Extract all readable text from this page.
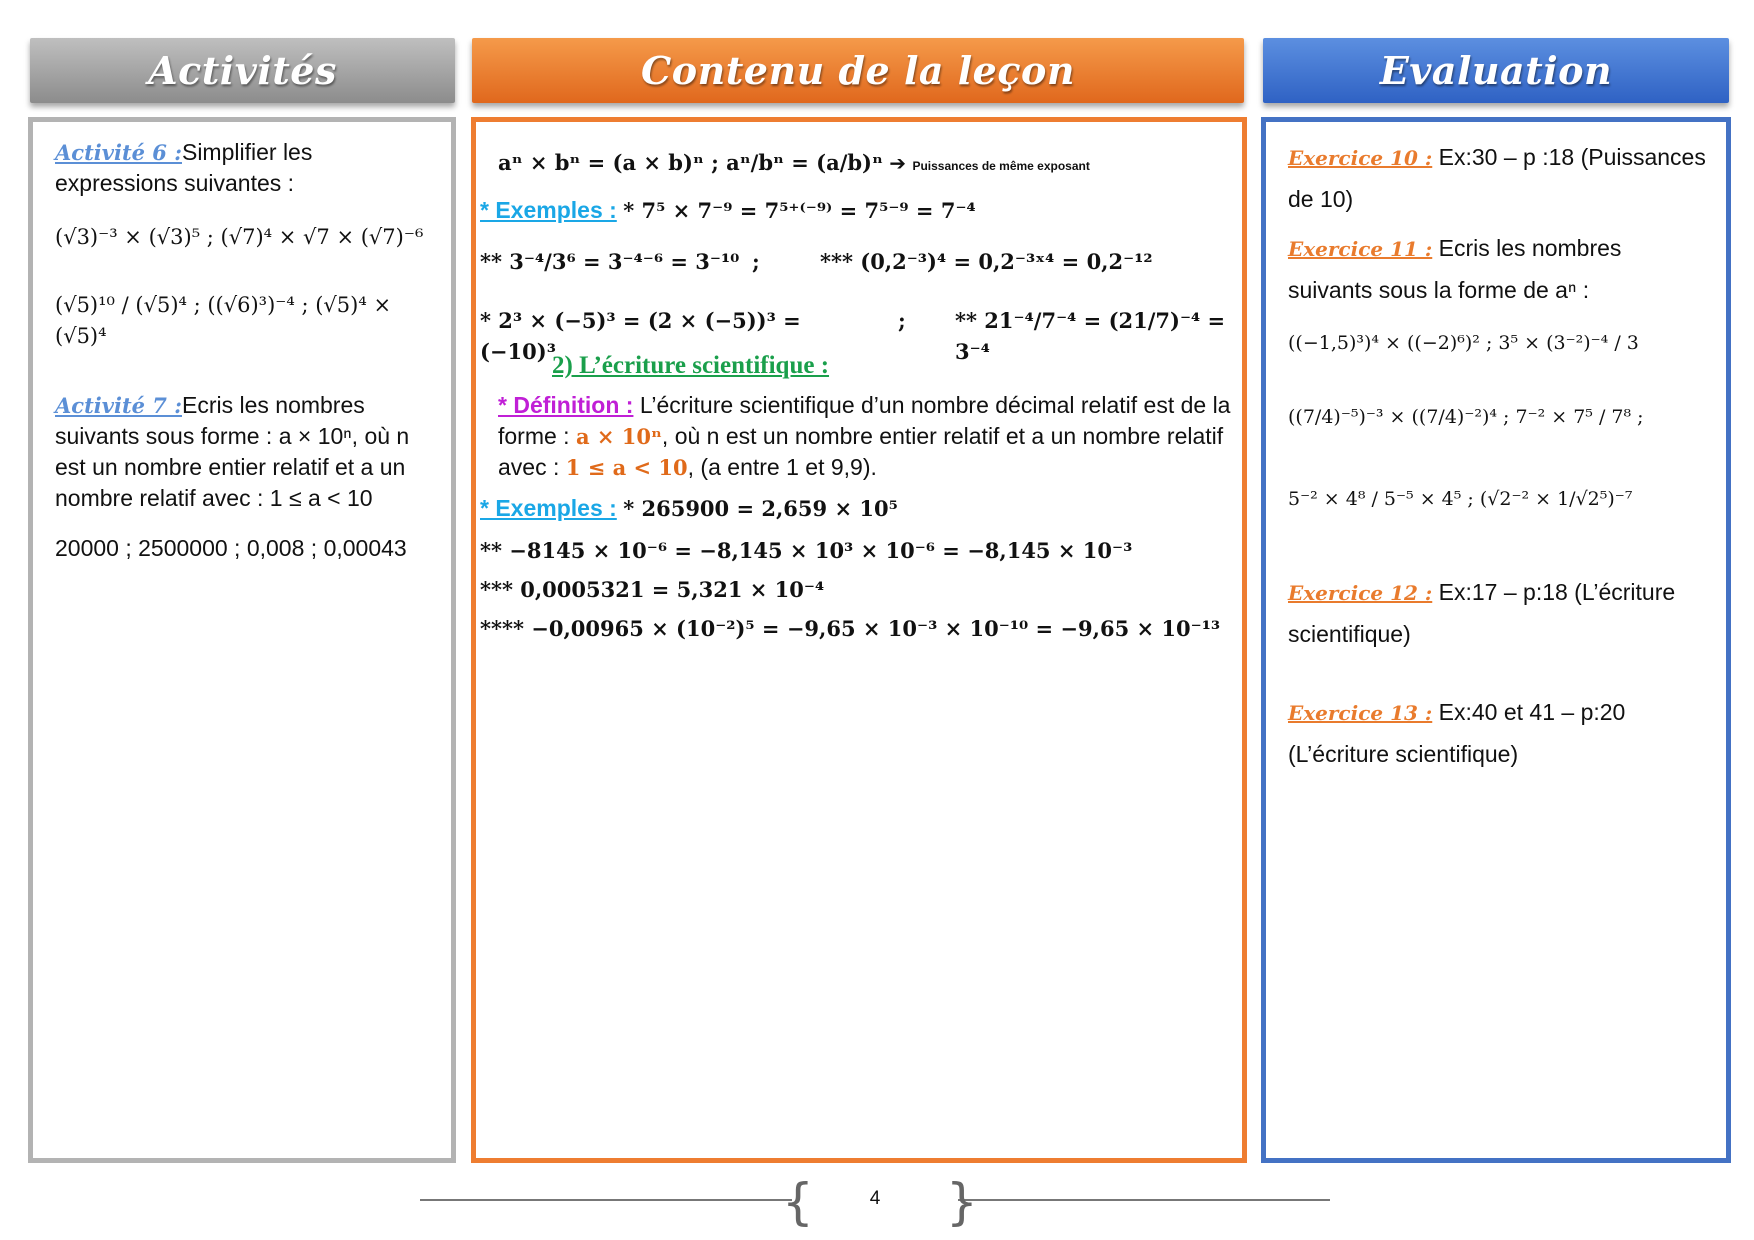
Activités	Contenu de la leçon	Evaluation
Activité 6 :Simplifier les expressions suivantes :
(√3)⁻³ × (√3)⁵ ; (√7)⁴ × √7 × (√7)⁻⁶
(√5)¹⁰ / (√5)⁴ ; ((√6)³)⁻⁴ ; (√5)⁴ × (√5)⁴
Activité 7 :Ecris les nombres suivants sous forme : a × 10ⁿ, où n est un nombre entier relatif et a un nombre relatif avec : 1 ≤ a < 10
20000 ; 2500000 ; 0,008 ; 0,00043
aⁿ × bⁿ = (a × b)ⁿ ; aⁿ/bⁿ = (a/b)ⁿ ➔ Puissances de même exposant
* Exemples : * 7⁵ × 7⁻⁹ = 7⁵⁺⁽⁻⁹⁾ = 7⁵⁻⁹ = 7⁻⁴
** 3⁻⁴/3⁶ = 3⁻⁴⁻⁶ = 3⁻¹⁰ ;	*** (0,2⁻³)⁴ = 0,2⁻³ˣ⁴ = 0,2⁻¹²
* 2³ × (−5)³ = (2 × (−5))³ = (−10)³
;	** 21⁻⁴/7⁻⁴ = (21/7)⁻⁴ = 3⁻⁴
2) L’écriture scientifique :
* Définition : L’écriture scientifique d’un nombre décimal relatif est de la forme : a × 10ⁿ, où n est un nombre entier relatif et a un nombre relatif avec : 1 ≤ a < 10, (a entre 1 et 9,9).
* Exemples : * 265900 = 2,659 × 10⁵
** −8145 × 10⁻⁶ = −8,145 × 10³ × 10⁻⁶ = −8,145 × 10⁻³
*** 0,0005321 = 5,321 × 10⁻⁴
**** −0,00965 × (10⁻²)⁵ = −9,65 × 10⁻³ × 10⁻¹⁰ = −9,65 × 10⁻¹³
Exercice 10 : Ex:30 – p :18 (Puissances de 10)
Exercice 11 : Ecris les nombres suivants sous la forme de aⁿ :
((−1,5)³)⁴ × ((−2)⁶)² ; 3⁵ × (3⁻²)⁻⁴ / 3
((7/4)⁻⁵)⁻³ × ((7/4)⁻²)⁴ ; 7⁻² × 7⁵ / 7⁸ ;
5⁻² × 4⁸ / 5⁻⁵ × 4⁵ ; (√2⁻² × 1/√2⁵)⁻⁷
Exercice 12 : Ex:17 – p:18 (L’écriture scientifique)
Exercice 13 : Ex:40 et 41 – p:20 (L’écriture scientifique)
{	}
4
